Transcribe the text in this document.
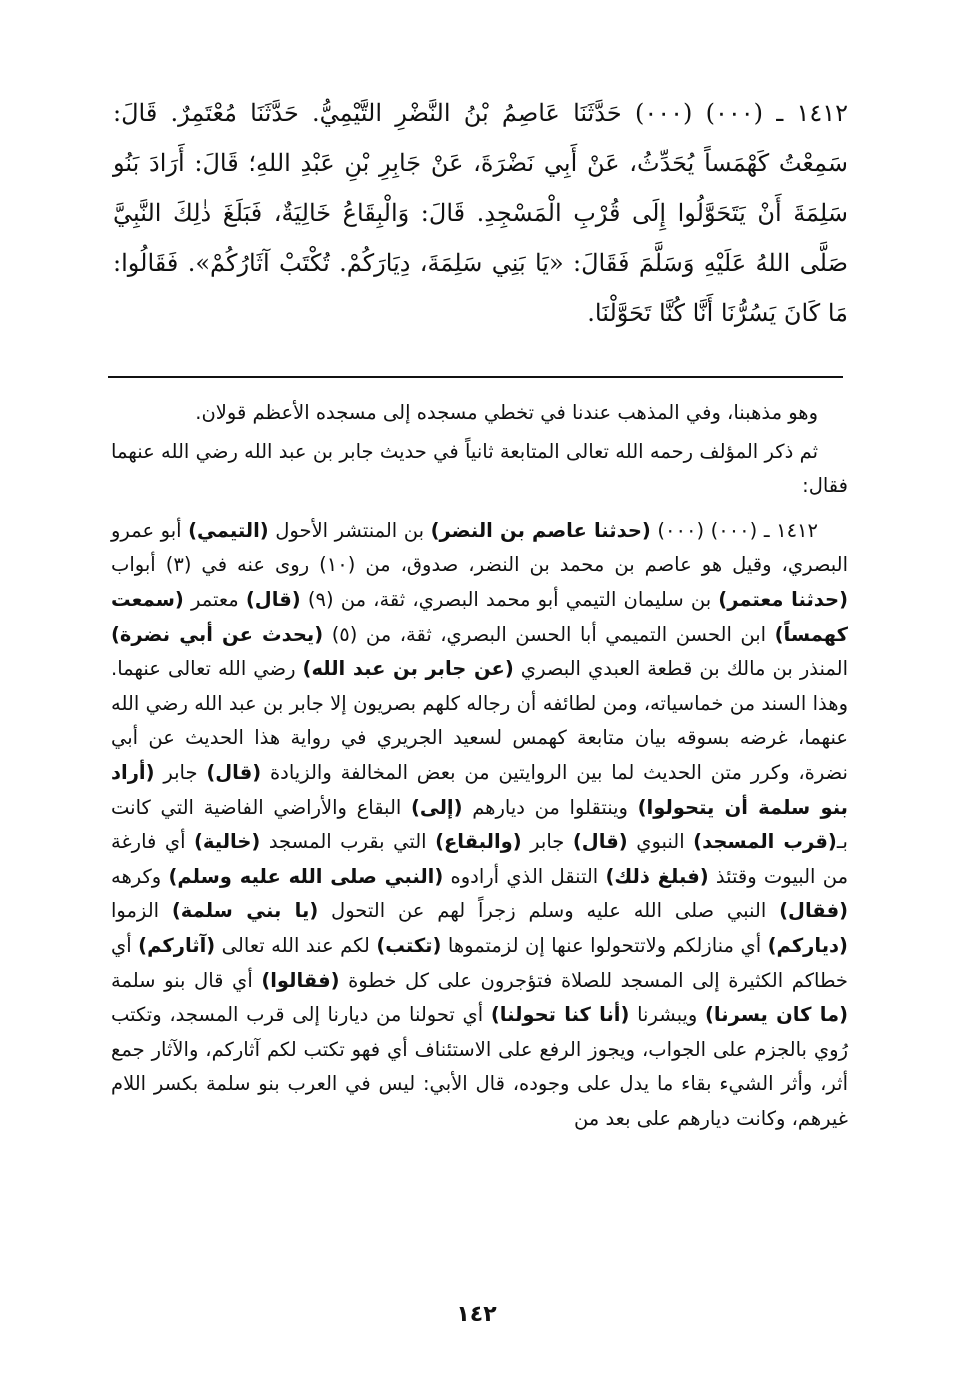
١٤١٢ ـ (٠٠٠) (٠٠٠) حَدَّثَنَا عَاصِمُ بْنُ النَّضْرِ التَّيْمِيُّ. حَدَّثَنَا مُعْتَمِرٌ. قَالَ: سَمِعْتُ كَهْمَساً يُحَدِّثُ، عَنْ أَبِي نَضْرَةَ، عَنْ جَابِرِ بْنِ عَبْدِ اللهِ؛ قَالَ: أَرَادَ بَنُو سَلِمَةَ أَنْ يَتَحَوَّلُوا إِلَى قُرْبِ الْمَسْجِدِ. قَالَ: وَالْبِقَاعُ خَالِيَةٌ، فَبَلَغَ ذٰلِكَ النَّبِيَّ صَلَّى اللهُ عَلَيْهِ وَسَلَّمَ فَقَالَ: «يَا بَنِي سَلِمَةَ، دِيَارَكُمْ. تُكْتَبْ آثَارُكُمْ». فَقَالُوا: مَا كَانَ يَسُرُّنَا أَنَّا كُنَّا تَحَوَّلْنَا.

وهو مذهبنا، وفي المذهب عندنا في تخطي مسجده إلى مسجده الأعظم قولان.

ثم ذكر المؤلف رحمه الله تعالى المتابعة ثانياً في حديث جابر بن عبد الله رضي الله عنهما فقال:

١٤١٢ ـ (٠٠٠) (٠٠٠) (حدثنا عاصم بن النضر) بن المنتشر الأحول (التيمي) أبو عمرو البصري، وقيل هو عاصم بن محمد بن النضر، صدوق، من (١٠) روى عنه في (٣) أبواب (حدثنا معتمر) بن سليمان التيمي أبو محمد البصري، ثقة، من (٩) (قال) معتمر (سمعت كهمساً) ابن الحسن التميمي أبا الحسن البصري، ثقة، من (٥) (يحدث عن أبي نضرة) المنذر بن مالك بن قطعة العبدي البصري (عن جابر بن عبد الله) رضي الله تعالى عنهما. وهذا السند من خماسياته، ومن لطائفه أن رجاله كلهم بصريون إلا جابر بن عبد الله رضي الله عنهما، غرضه بسوقه بيان متابعة كهمس لسعيد الجريري في رواية هذا الحديث عن أبي نضرة، وكرر متن الحديث لما بين الروايتين من بعض المخالفة والزيادة (قال) جابر (أراد بنو سلمة أن يتحولوا) وينتقلوا من ديارهم (إلى) البقاع والأراضي الفاضية التي كانت بـ(قرب المسجد) النبوي (قال) جابر (والبقاع) التي بقرب المسجد (خالية) أي فارغة من البيوت وقتئذ (فبلغ ذلك) التنقل الذي أرادوه (النبي صلى الله عليه وسلم) وكرهه (فقال) النبي صلى الله عليه وسلم زجراً لهم عن التحول (يا بني سلمة) الزموا (دياركم) أي منازلكم ولاتتحولوا عنها إن لزمتموها (تكتب) لكم عند الله تعالى (آثاركم) أي خطاكم الكثيرة إلى المسجد للصلاة فتؤجرون على كل خطوة (فقالوا) أي قال بنو سلمة (ما كان يسرنا) ويبشرنا (أنا كنا تحولنا) أي تحولنا من ديارنا إلى قرب المسجد، وتكتب رُوي بالجزم على الجواب، ويجوز الرفع على الاستئناف أي فهو تكتب لكم آثاركم، والآثار جمع أثر، وأثر الشيء بقاء ما يدل على وجوده، قال الأبي: ليس في العرب بنو سلمة بكسر اللام غيرهم، وكانت ديارهم على بعد من

١٤٢
